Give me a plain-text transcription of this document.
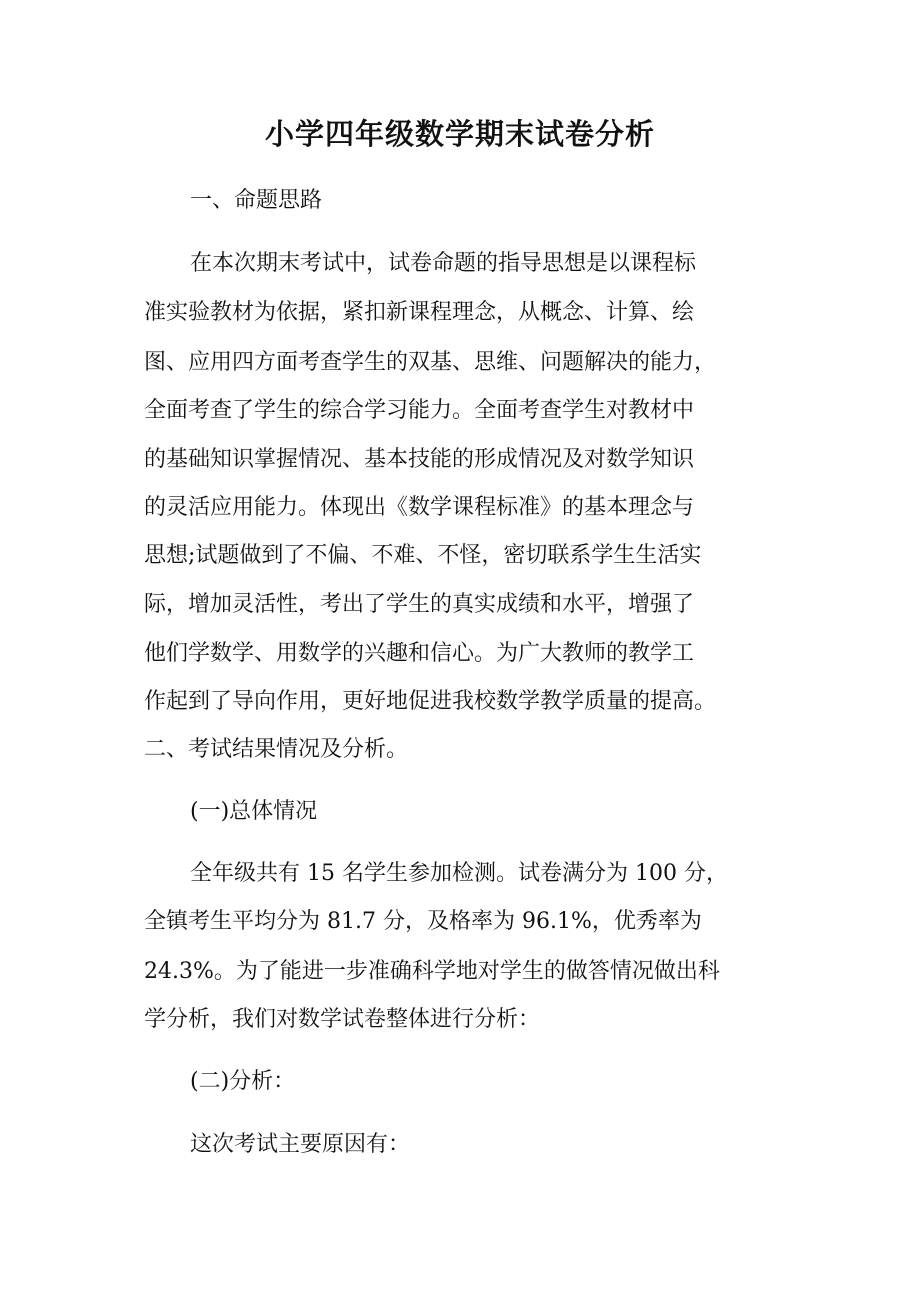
小学四年级数学期末试卷分析

一、命题思路

在本次期末考试中，试卷命题的指导思想是以课程标

准实验教材为依据，紧扣新课程理念，从概念、计算、绘

图、应用四方面考查学生的双基、思维、问题解决的能力，

全面考查了学生的综合学习能力。全面考查学生对教材中

的基础知识掌握情况、基本技能的形成情况及对数学知识

的灵活应用能力。体现出《数学课程标准》的基本理念与

思想;试题做到了不偏、不难、不怪，密切联系学生生活实

际，增加灵活性，考出了学生的真实成绩和水平，增强了

他们学数学、用数学的兴趣和信心。为广大教师的教学工

作起到了导向作用，更好地促进我校数学教学质量的提高。

二、考试结果情况及分析。

(一)总体情况

全年级共有 15 名学生参加检测。试卷满分为 100 分，

全镇考生平均分为 81.7 分，及格率为 96.1%，优秀率为

24.3%。为了能进一步准确科学地对学生的做答情况做出科

学分析，我们对数学试卷整体进行分析：

(二)分析：

这次考试主要原因有：
